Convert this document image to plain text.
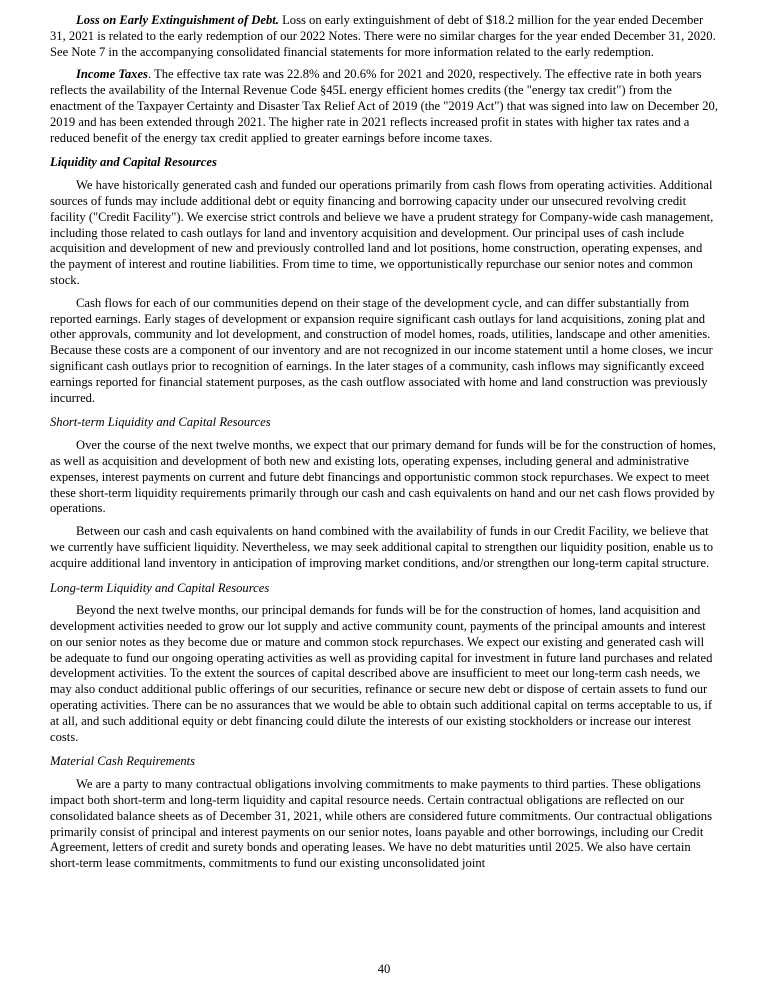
Loss on Early Extinguishment of Debt. Loss on early extinguishment of debt of $18.2 million for the year ended December 31, 2021 is related to the early redemption of our 2022 Notes. There were no similar charges for the year ended December 31, 2020. See Note 7 in the accompanying consolidated financial statements for more information related to the early redemption.

Income Taxes. The effective tax rate was 22.8% and 20.6% for 2021 and 2020, respectively. The effective rate in both years reflects the availability of the Internal Revenue Code §45L energy efficient homes credits (the "energy tax credit") from the enactment of the Taxpayer Certainty and Disaster Tax Relief Act of 2019 (the "2019 Act") that was signed into law on December 20, 2019 and has been extended through 2021. The higher rate in 2021 reflects increased profit in states with higher tax rates and a reduced benefit of the energy tax credit applied to greater earnings before income taxes.

Liquidity and Capital Resources

We have historically generated cash and funded our operations primarily from cash flows from operating activities. Additional sources of funds may include additional debt or equity financing and borrowing capacity under our unsecured revolving credit facility ("Credit Facility"). We exercise strict controls and believe we have a prudent strategy for Company-wide cash management, including those related to cash outlays for land and inventory acquisition and development. Our principal uses of cash include acquisition and development of new and previously controlled land and lot positions, home construction, operating expenses, and the payment of interest and routine liabilities. From time to time, we opportunistically repurchase our senior notes and common stock.

Cash flows for each of our communities depend on their stage of the development cycle, and can differ substantially from reported earnings. Early stages of development or expansion require significant cash outlays for land acquisitions, zoning plat and other approvals, community and lot development, and construction of model homes, roads, utilities, landscape and other amenities. Because these costs are a component of our inventory and are not recognized in our income statement until a home closes, we incur significant cash outlays prior to recognition of earnings. In the later stages of a community, cash inflows may significantly exceed earnings reported for financial statement purposes, as the cash outflow associated with home and land construction was previously incurred.

Short-term Liquidity and Capital Resources

Over the course of the next twelve months, we expect that our primary demand for funds will be for the construction of homes, as well as acquisition and development of both new and existing lots, operating expenses, including general and administrative expenses, interest payments on current and future debt financings and opportunistic common stock repurchases. We expect to meet these short-term liquidity requirements primarily through our cash and cash equivalents on hand and our net cash flows provided by operations.

Between our cash and cash equivalents on hand combined with the availability of funds in our Credit Facility, we believe that we currently have sufficient liquidity. Nevertheless, we may seek additional capital to strengthen our liquidity position, enable us to acquire additional land inventory in anticipation of improving market conditions, and/or strengthen our long-term capital structure.

Long-term Liquidity and Capital Resources

Beyond the next twelve months, our principal demands for funds will be for the construction of homes, land acquisition and development activities needed to grow our lot supply and active community count, payments of the principal amounts and interest on our senior notes as they become due or mature and common stock repurchases. We expect our existing and generated cash will be adequate to fund our ongoing operating activities as well as providing capital for investment in future land purchases and related development activities. To the extent the sources of capital described above are insufficient to meet our long-term cash needs, we may also conduct additional public offerings of our securities, refinance or secure new debt or dispose of certain assets to fund our operating activities. There can be no assurances that we would be able to obtain such additional capital on terms acceptable to us, if at all, and such additional equity or debt financing could dilute the interests of our existing stockholders or increase our interest costs.

Material Cash Requirements

We are a party to many contractual obligations involving commitments to make payments to third parties. These obligations impact both short-term and long-term liquidity and capital resource needs. Certain contractual obligations are reflected on our consolidated balance sheets as of December 31, 2021, while others are considered future commitments. Our contractual obligations primarily consist of principal and interest payments on our senior notes, loans payable and other borrowings, including our Credit Agreement, letters of credit and surety bonds and operating leases. We have no debt maturities until 2025. We also have certain short-term lease commitments, commitments to fund our existing unconsolidated joint

40
